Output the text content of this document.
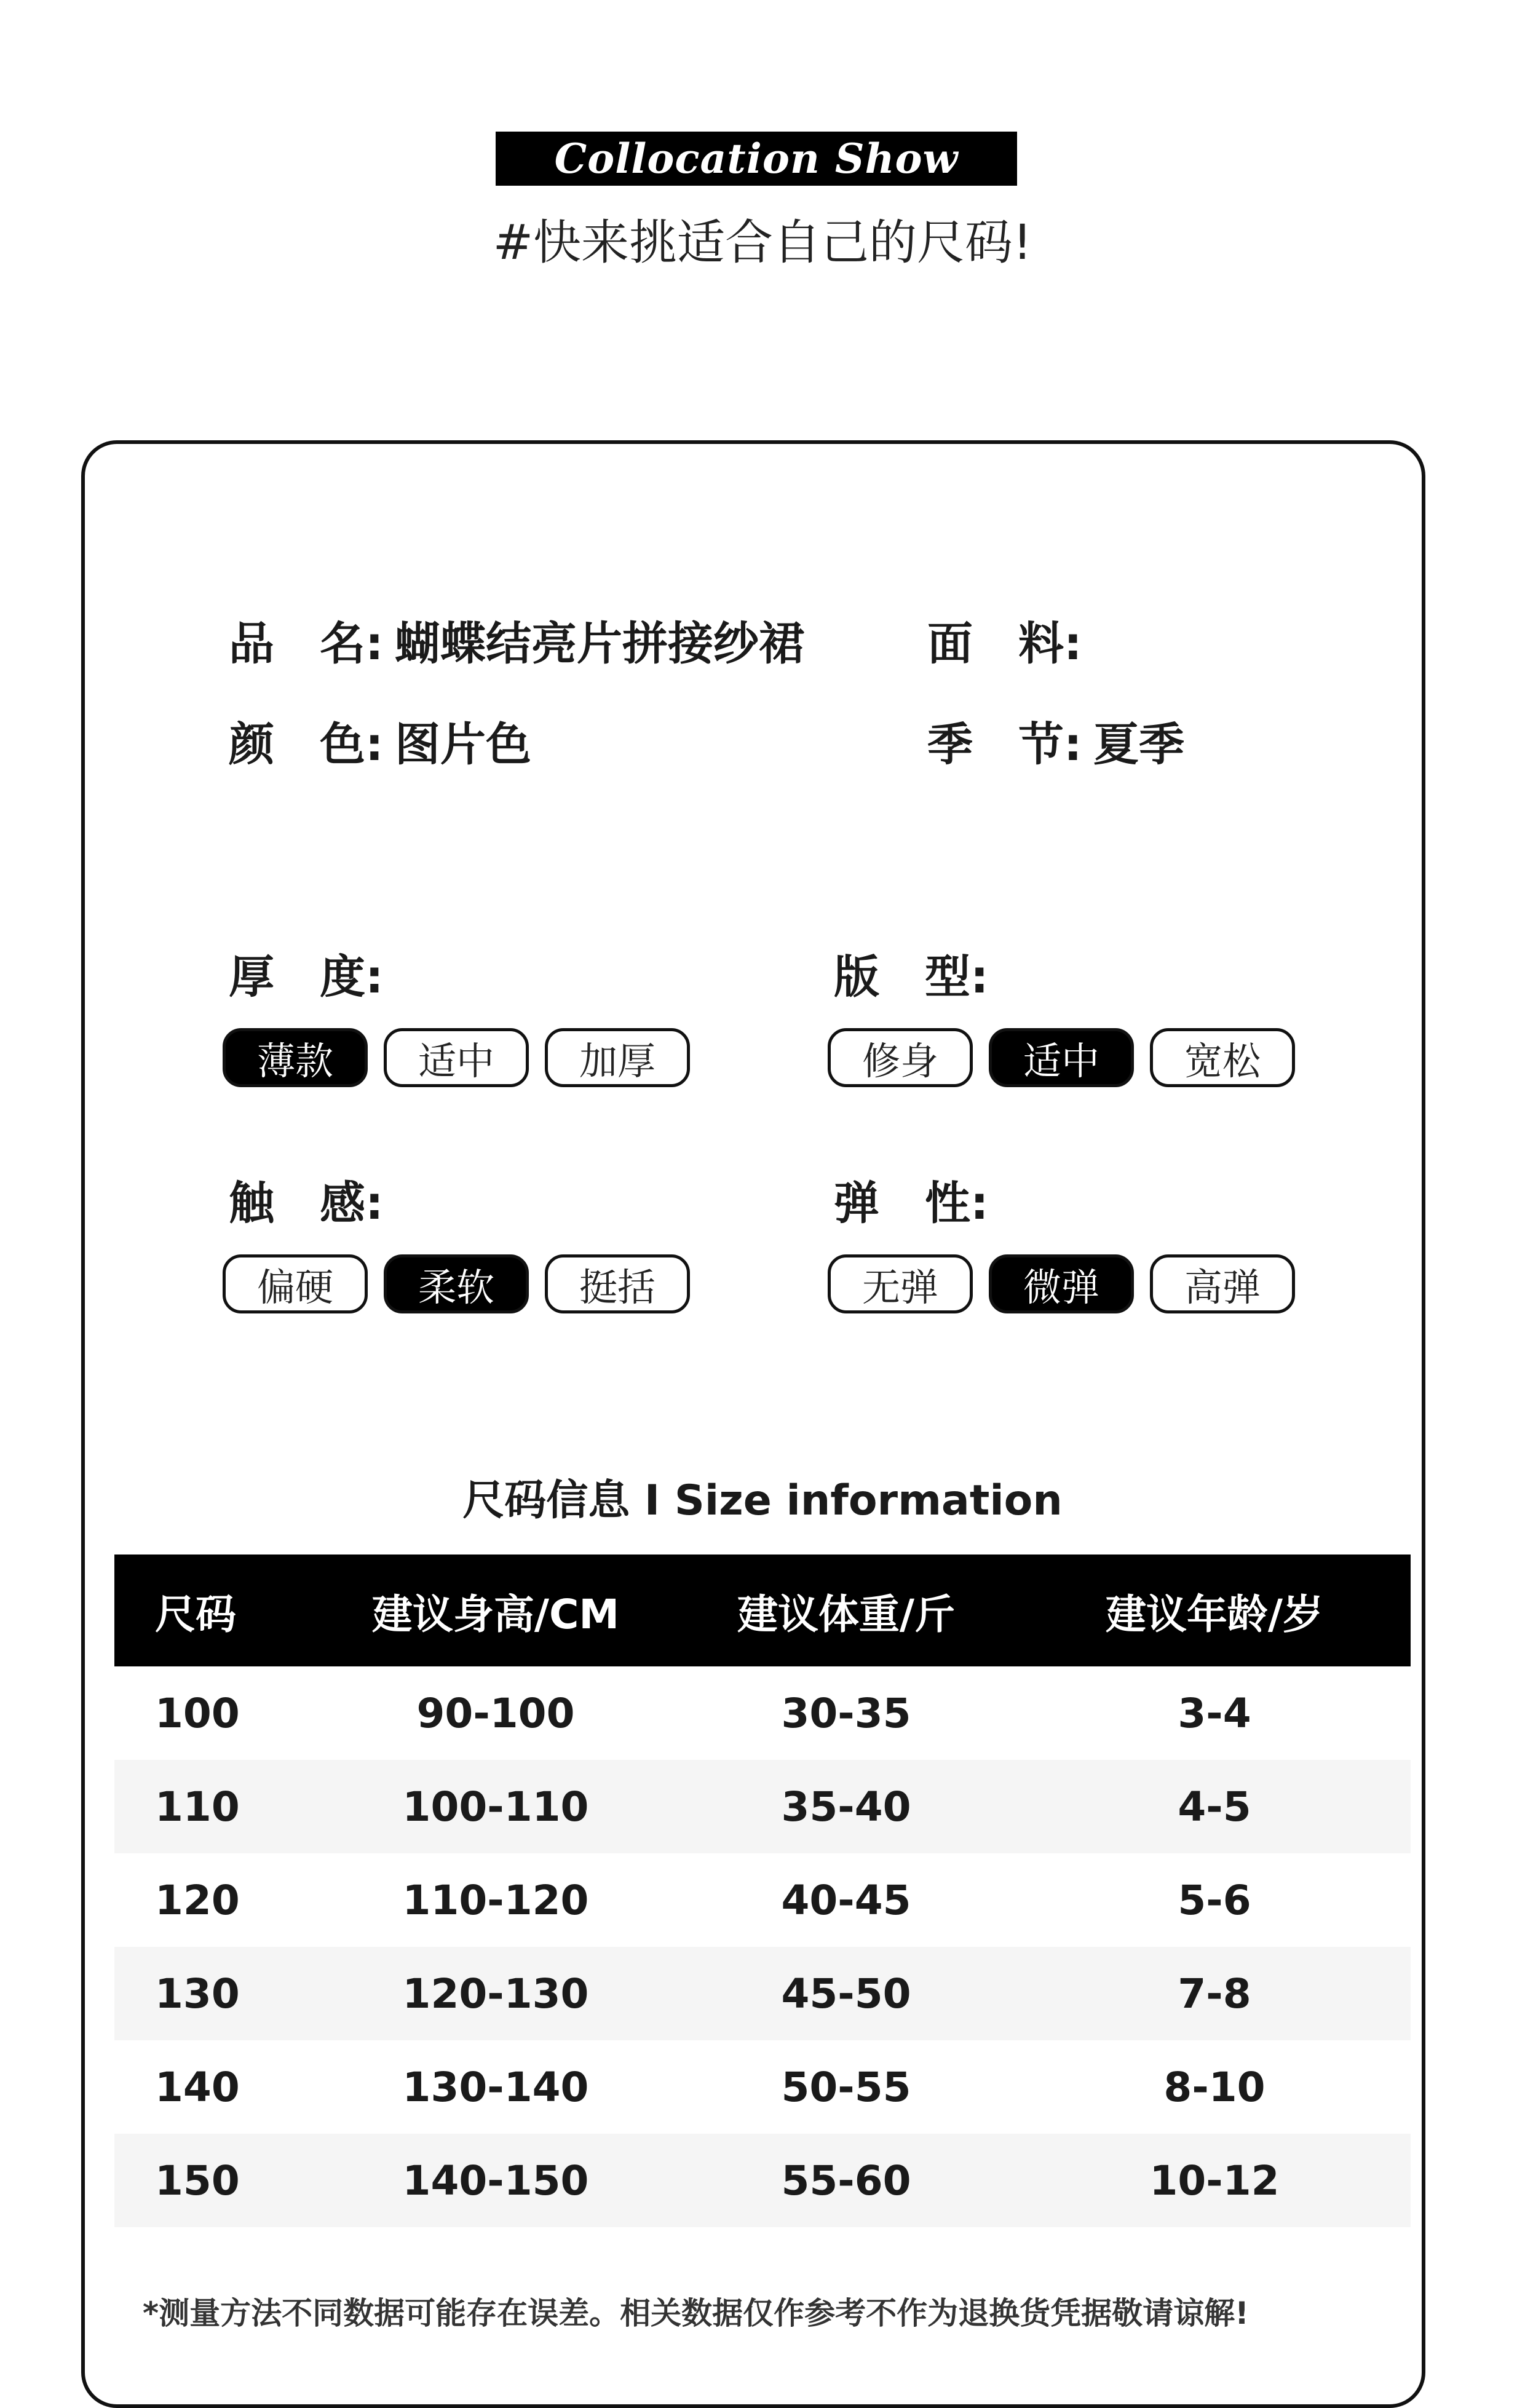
Collocation Show
#快来挑适合自己的尺码!
品　名: 蝴蝶结亮片拼接纱裙	面　料:
颜　色: 图片色	季　节: 夏季
厚　度:
薄款	适中	加厚
版　型:
修身	适中	宽松
触　感:
偏硬	柔软	挺括
弹　性:
无弹	微弹	高弹
尺码信息 I Size information
尺码	建议身高/CM	建议体重/斤	建议年龄/岁
100	90-100	30-35	3-4
110	100-110	35-40	4-5
120	110-120	40-45	5-6
130	120-130	45-50	7-8
140	130-140	50-55	8-10
150	140-150	55-60	10-12
*测量方法不同数据可能存在误差。相关数据仅作参考不作为退换货凭据敬请谅解!
